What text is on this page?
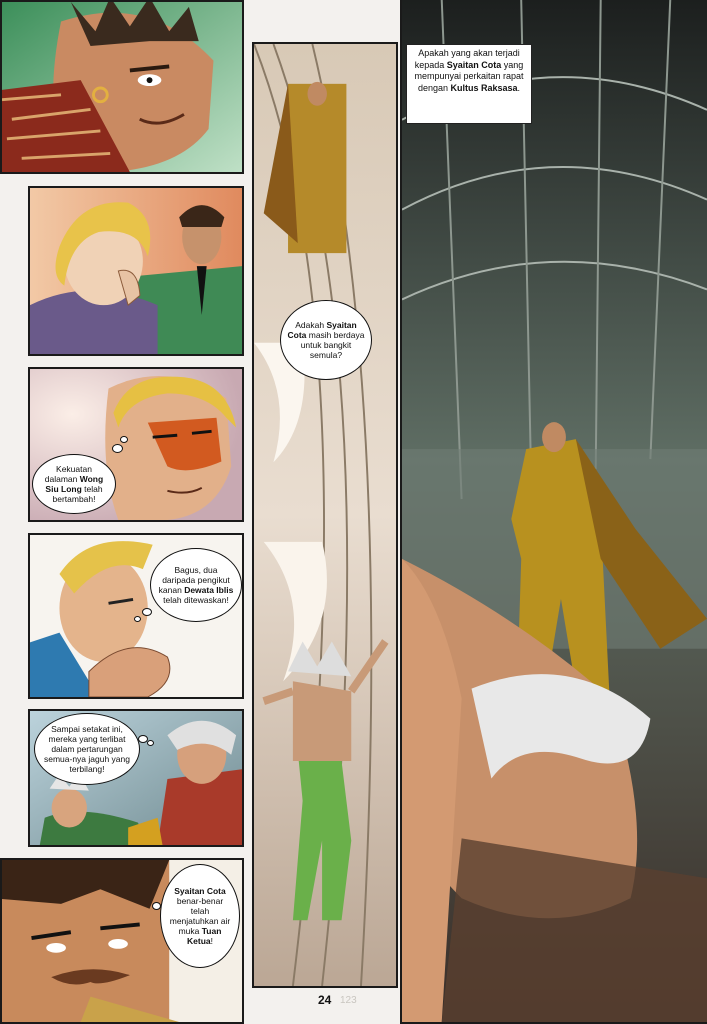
Apakah yang akan terjadi kepada Syaitan Cota yang mempunyai perkaitan rapat dengan Kultus Raksasa.
Adakah Syaitan Cota masih berdaya untuk bangkit semula?
Kekuatan dalaman Wong Siu Long telah bertambah!
Bagus, dua daripada pengikut kanan Dewata Iblis telah ditewaskan!
Sampai setakat ini, mereka yang terlibat dalam pertarungan semua-nya jaguh yang terbilang!
Syaitan Cota benar-benar telah menjatuhkan air muka Tuan Ketua!
24 123
